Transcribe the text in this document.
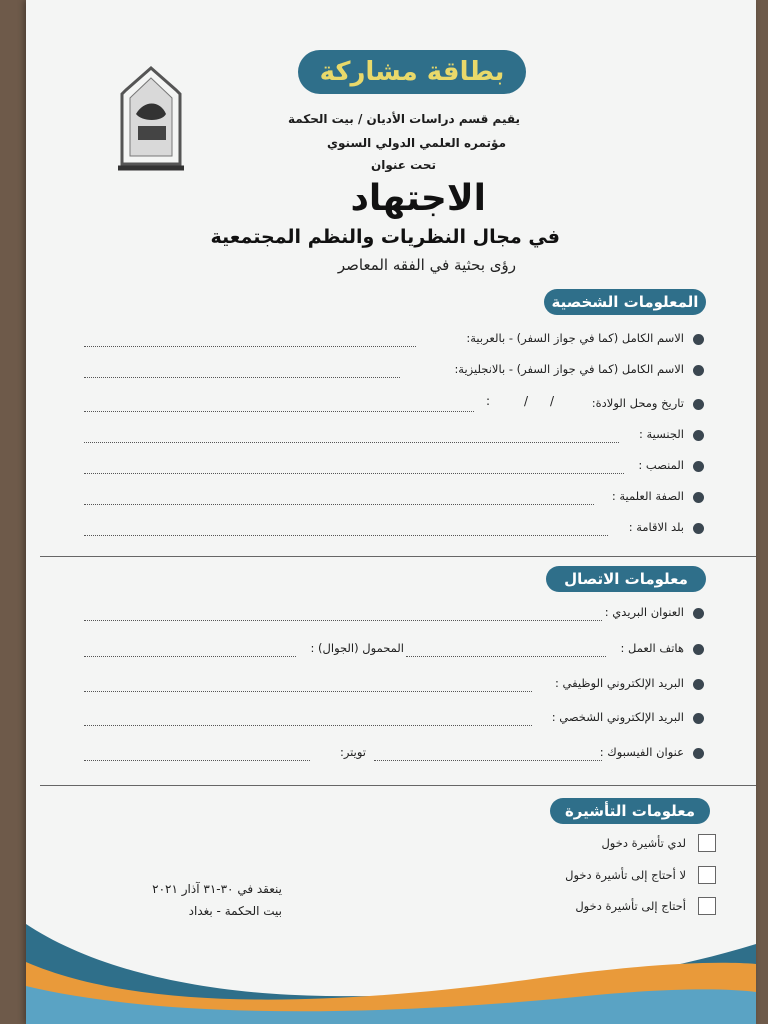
بطاقة مشاركة
يقيم قسم دراسات الأديان / بيت الحكمة
مؤتمره العلمي الدولي السنوي
تحت عنوان
الاجتهاد
في مجال النظريات والنظم المجتمعية
رؤى بحثية في الفقه المعاصر
المعلومات الشخصية
الاسم الكامل (كما في جواز السفر) - بالعربية:
الاسم الكامل (كما في جواز السفر) - بالانجليزية:
تاريخ ومحل الولادة:
/
/
:
الجنسية :
المنصب :
الصفة العلمية :
بلد الاقامة :
معلومات الاتصال
العنوان البريدي :
هاتف العمل :
المحمول (الجوال) :
البريد الإلكتروني الوظيفي :
البريد الإلكتروني الشخصي :
عنوان الفيسبوك :
تويتر:
معلومات التأشيرة
لدي تأشيرة دخول
لا أحتاج إلى تأشيرة دخول
أحتاج إلى تأشيرة دخول
ينعقد في ٣٠-٣١ آذار ٢٠٢١
بيت الحكمة - بغداد
